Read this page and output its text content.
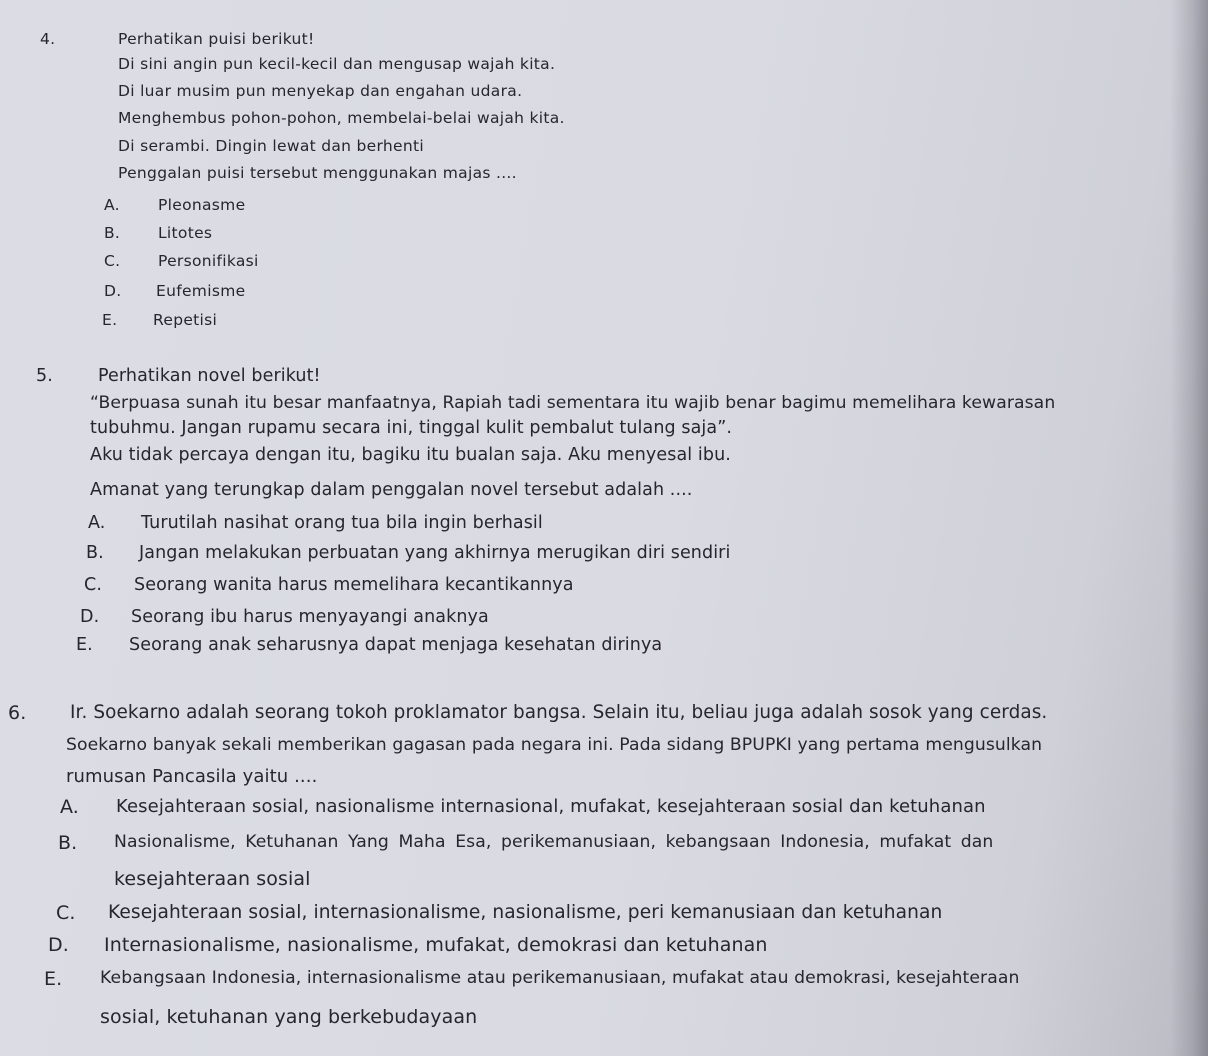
4.	Perhatikan puisi berikut!
Di sini angin pun kecil-kecil dan mengusap wajah kita.
Di luar musim pun menyekap dan engahan udara.
Menghembus pohon-pohon, membelai-belai wajah kita.
Di serambi. Dingin lewat dan berhenti
Penggalan puisi tersebut menggunakan majas ....
A. Pleonasme
B. Litotes
C. Personifikasi
D. Eufemisme
E. Repetisi
5.	Perhatikan novel berikut!
“Berpuasa sunah itu besar manfaatnya, Rapiah tadi sementara itu wajib benar bagimu memelihara kewarasan
tubuhmu. Jangan rupamu secara ini, tinggal kulit pembalut tulang saja”.
Aku tidak percaya dengan itu, bagiku itu bualan saja. Aku menyesal ibu.
Amanat yang terungkap dalam penggalan novel tersebut adalah ....
A. Turutilah nasihat orang tua bila ingin berhasil
B. Jangan melakukan perbuatan yang akhirnya merugikan diri sendiri
C. Seorang wanita harus memelihara kecantikannya
D. Seorang ibu harus menyayangi anaknya
E. Seorang anak seharusnya dapat menjaga kesehatan dirinya
6. Ir. Soekarno adalah seorang tokoh proklamator bangsa. Selain itu, beliau juga adalah sosok yang cerdas.
Soekarno banyak sekali memberikan gagasan pada negara ini. Pada sidang BPUPKI yang pertama mengusulkan
rumusan Pancasila yaitu ....
A. Kesejahteraan sosial, nasionalisme internasional, mufakat, kesejahteraan sosial dan ketuhanan
B. Nasionalisme, Ketuhanan Yang Maha Esa, perikemanusiaan, kebangsaan Indonesia, mufakat dan
kesejahteraan sosial
C. Kesejahteraan sosial, internasionalisme, nasionalisme, peri kemanusiaan dan ketuhanan
D. Internasionalisme, nasionalisme, mufakat, demokrasi dan ketuhanan
E. Kebangsaan Indonesia, internasionalisme atau perikemanusiaan, mufakat atau demokrasi, kesejahteraan
sosial, ketuhanan yang berkebudayaan
